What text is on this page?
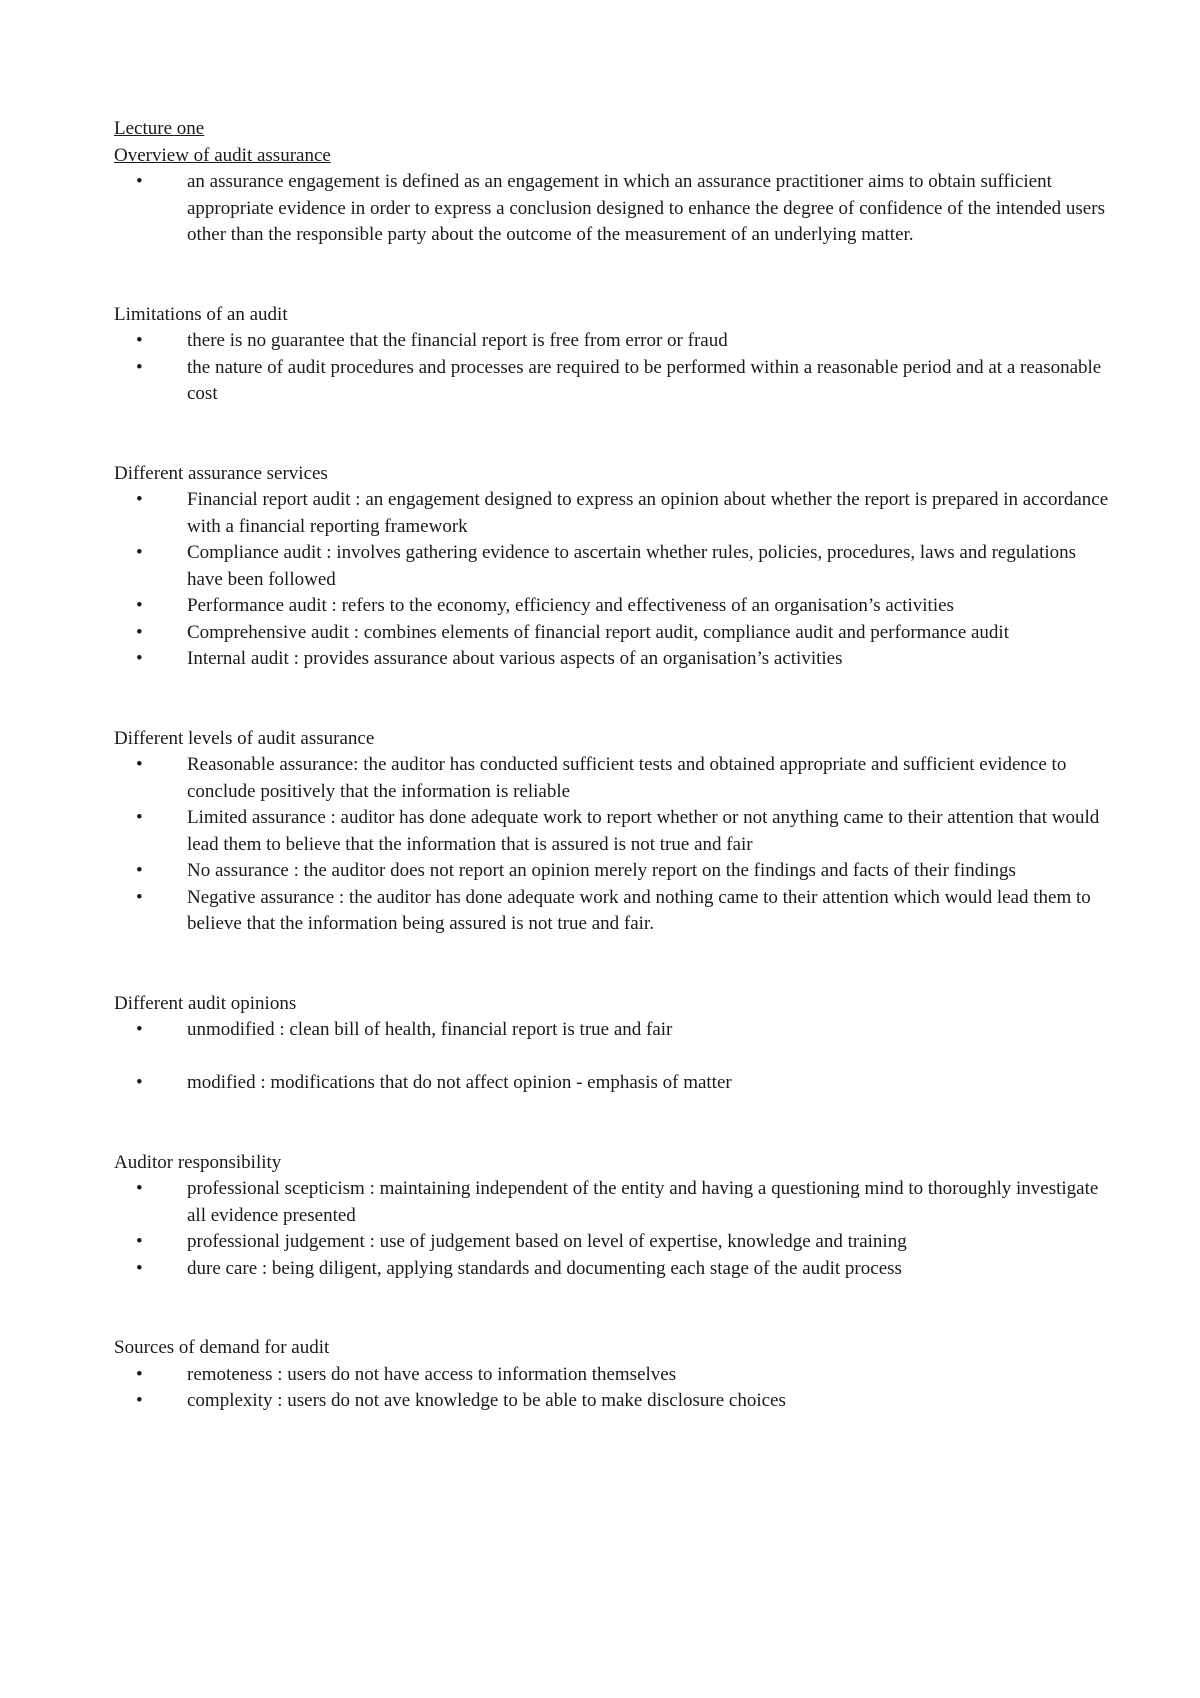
Lecture one
Overview of audit assurance
• an assurance engagement is defined as an engagement in which an assurance practitioner aims to obtain sufficient appropriate evidence in order to express a conclusion designed to enhance the degree of confidence of the intended users other than the responsible party about the outcome of the measurement of an underlying matter.
Limitations of an audit
• there is no guarantee that the financial report is free from error or fraud
• the nature of audit procedures and processes are required to be performed within a reasonable period and at a reasonable cost
Different assurance services
• Financial report audit : an engagement designed to express an opinion about whether the report is prepared in accordance with a financial reporting framework
• Compliance audit : involves gathering evidence to ascertain whether rules, policies, procedures, laws and regulations have been followed
• Performance audit : refers to the economy, efficiency and effectiveness of an organisation’s activities
• Comprehensive audit : combines elements of financial report audit, compliance audit and performance audit
• Internal audit : provides assurance about various aspects of an organisation’s activities
Different levels of audit assurance
• Reasonable assurance: the auditor has conducted sufficient tests and obtained appropriate and sufficient evidence to conclude positively that the information is reliable
• Limited assurance : auditor has done adequate work to report whether or not anything came to their attention that would lead them to believe that the information that is assured is not true and fair
• No assurance : the auditor does not report an opinion merely report on the findings and facts of their findings
• Negative assurance : the auditor has done adequate work and nothing came to their attention which would lead them to believe that the information being assured is not true and fair.
Different audit opinions
• unmodified : clean bill of health, financial report is true and fair
• modified : modifications that do not affect opinion - emphasis of matter
Auditor responsibility
• professional scepticism : maintaining independent of the entity and having a questioning mind to thoroughly investigate all evidence presented
• professional judgement : use of judgement based on level of expertise, knowledge and training
• dure care : being diligent, applying standards and documenting each stage of the audit process
Sources of demand for audit
• remoteness : users do not have access to information themselves
• complexity : users do not ave knowledge to be able to make disclosure choices
